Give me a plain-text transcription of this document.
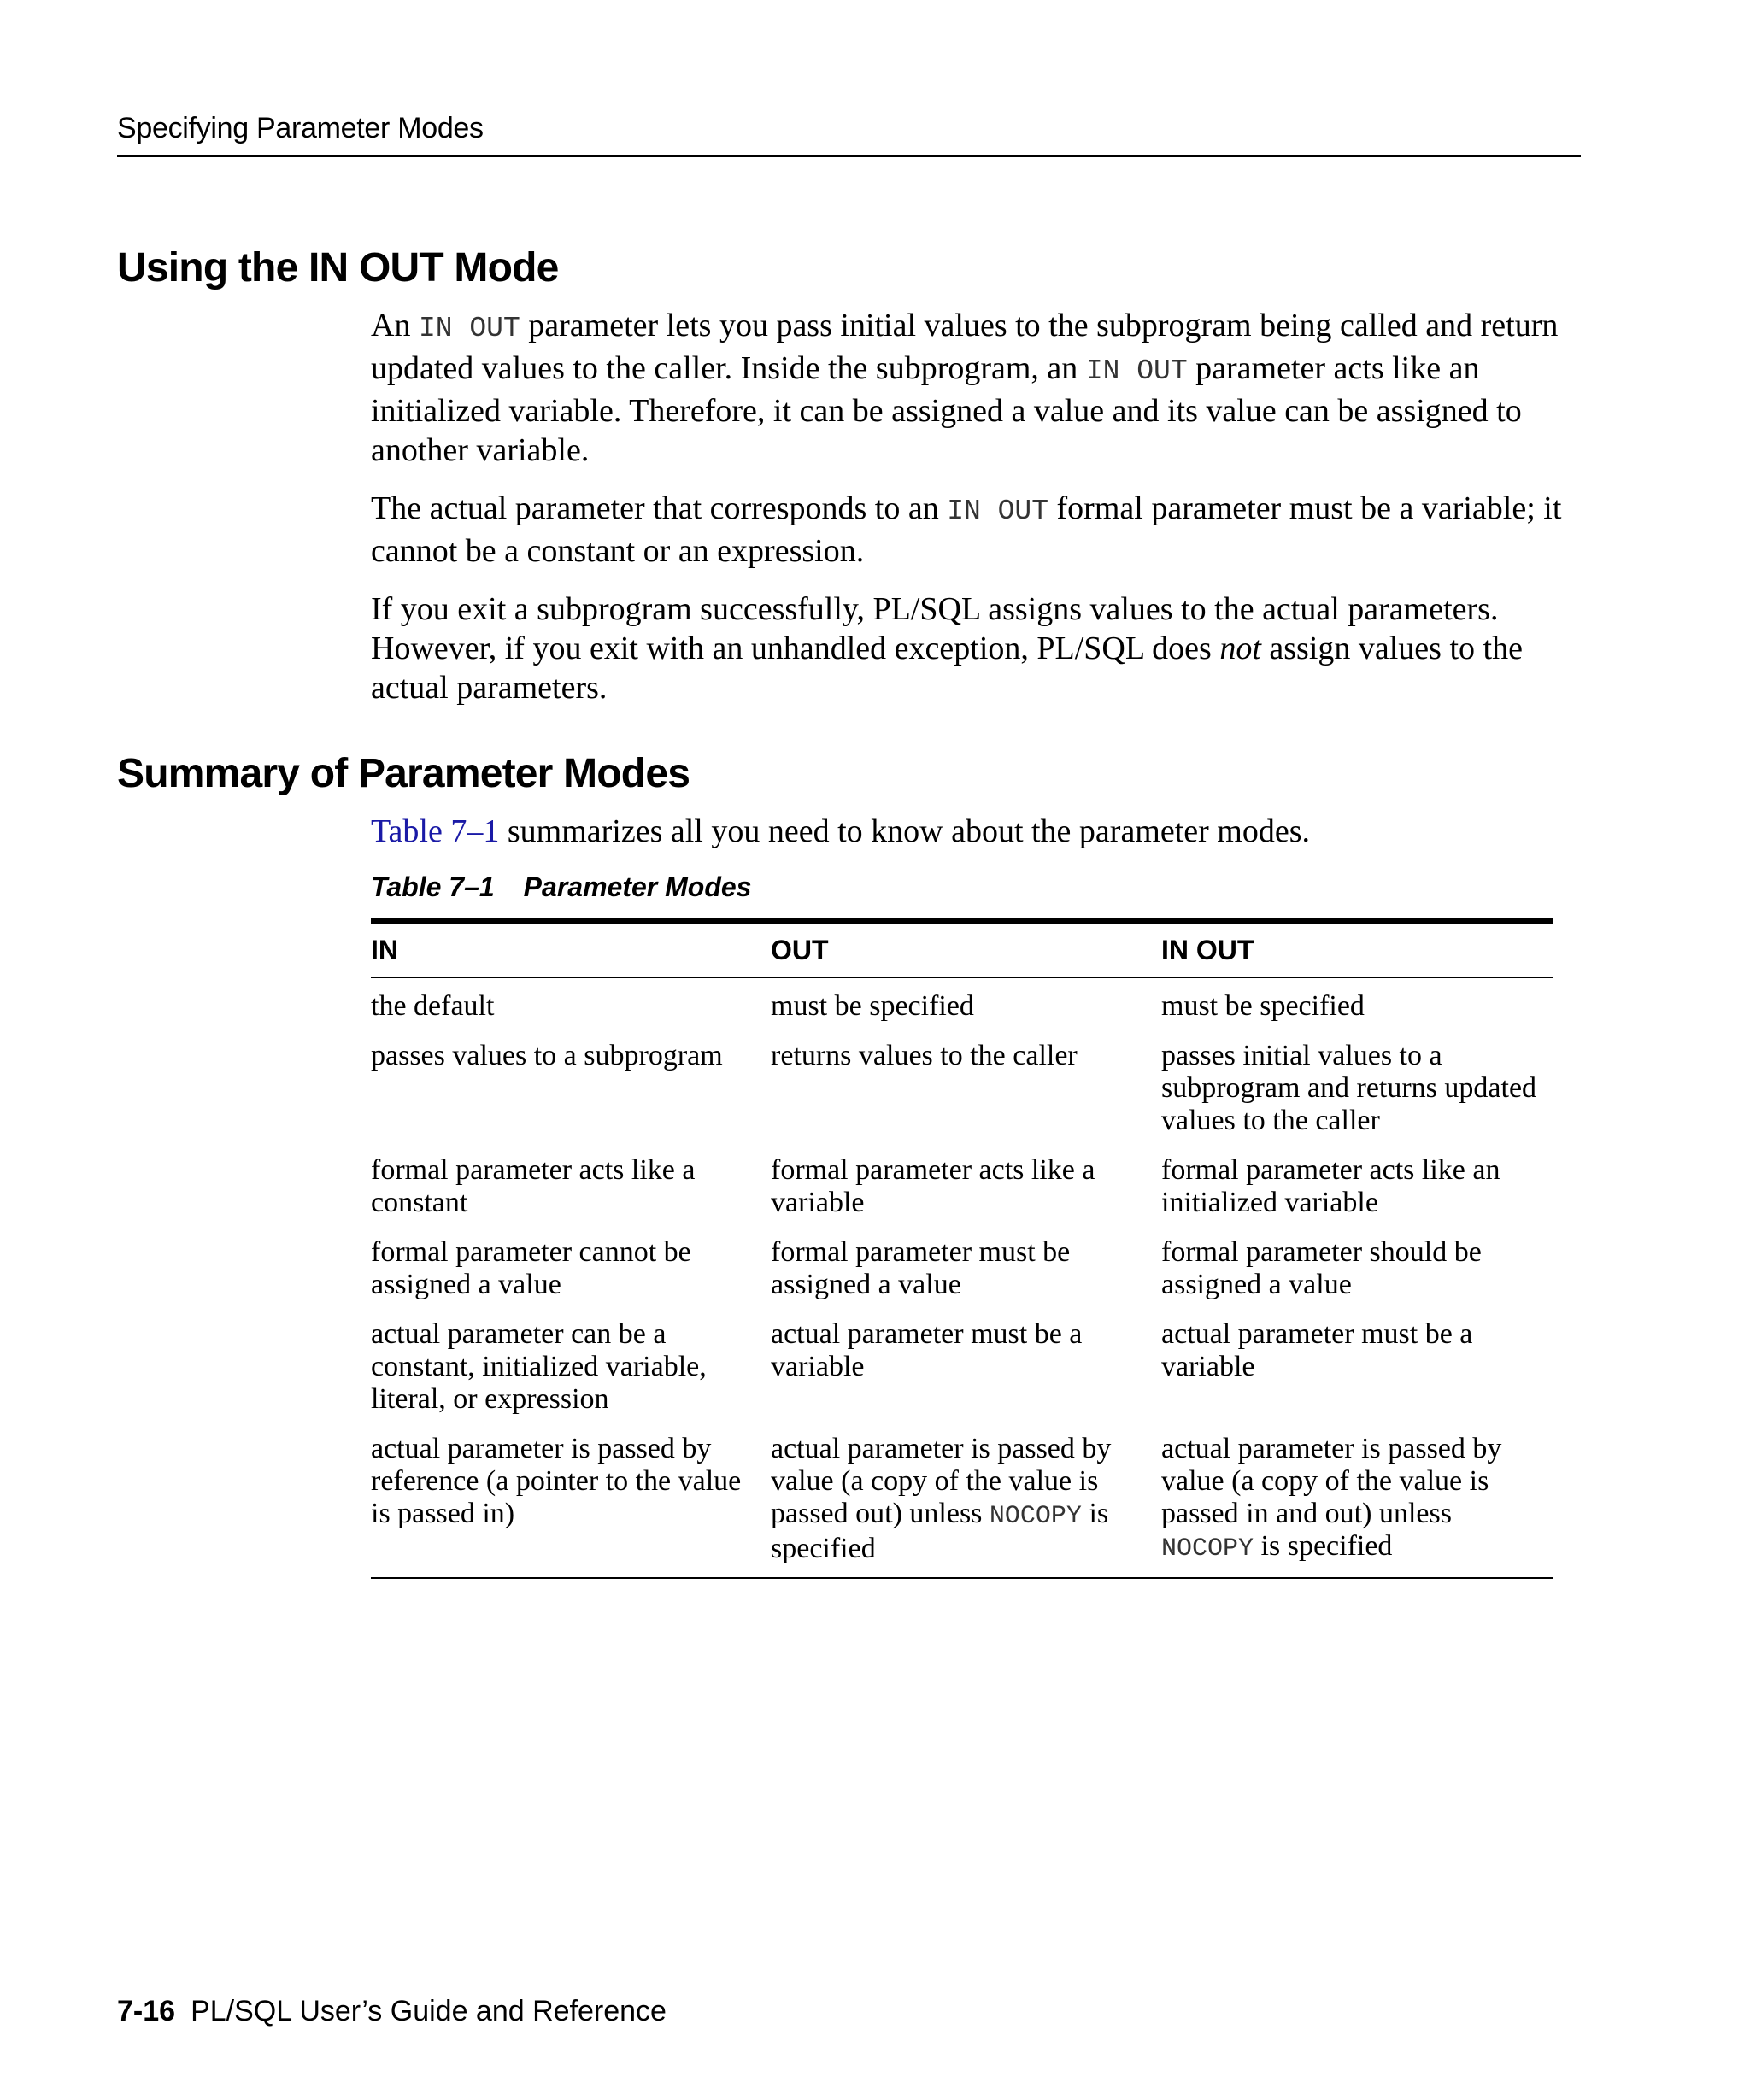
Specifying Parameter Modes
Using the IN OUT Mode

An IN OUT parameter lets you pass initial values to the subprogram being called and return updated values to the caller. Inside the subprogram, an IN OUT parameter acts like an initialized variable. Therefore, it can be assigned a value and its value can be assigned to another variable.

The actual parameter that corresponds to an IN OUT formal parameter must be a variable; it cannot be a constant or an expression.

If you exit a subprogram successfully, PL/SQL assigns values to the actual parameters. However, if you exit with an unhandled exception, PL/SQL does not assign values to the actual parameters.

Summary of Parameter Modes

Table 7–1 summarizes all you need to know about the parameter modes.

Table 7–1 Parameter Modes
IN	OUT	IN OUT
the default	must be specified	must be specified
passes values to a subprogram	returns values to the caller	passes initial values to a subprogram and returns updated values to the caller
formal parameter acts like a constant	formal parameter acts like a variable	formal parameter acts like an initialized variable
formal parameter cannot be assigned a value	formal parameter must be assigned a value	formal parameter should be assigned a value
actual parameter can be a constant, initialized variable, literal, or expression	actual parameter must be a variable	actual parameter must be a variable
actual parameter is passed by reference (a pointer to the value is passed in)	actual parameter is passed by value (a copy of the value is passed out) unless NOCOPY is specified	actual parameter is passed by value (a copy of the value is passed in and out) unless NOCOPY is specified
7-16 PL/SQL User’s Guide and Reference
